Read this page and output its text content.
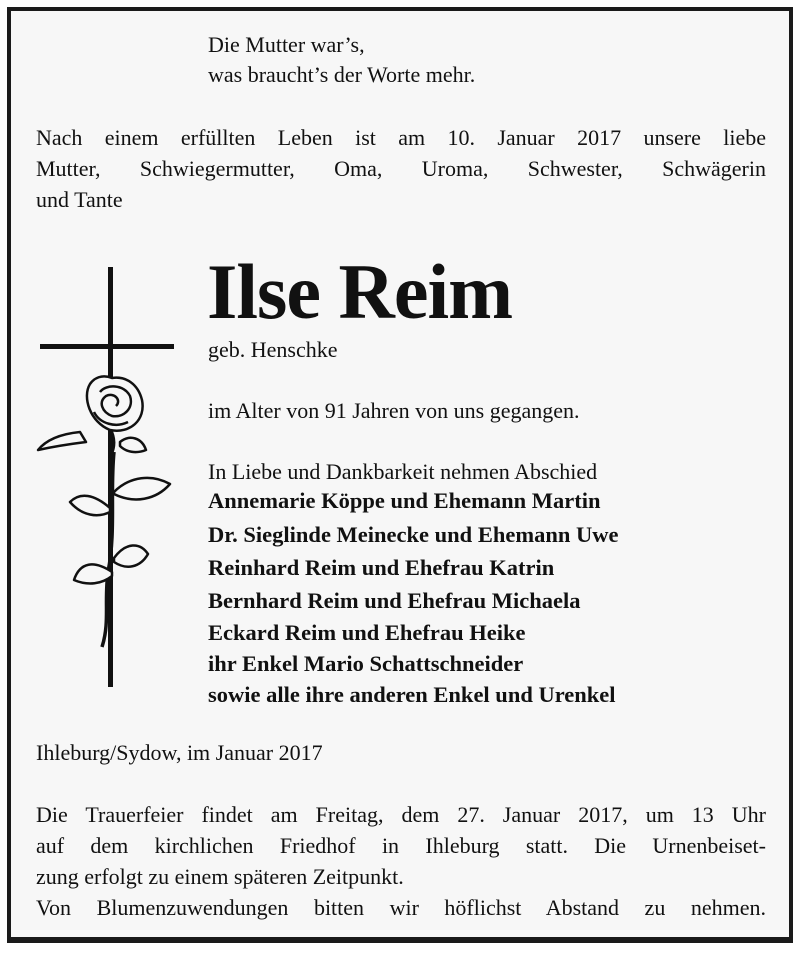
Die Mutter war’s,

was braucht’s der Worte mehr.

Nach einem erfüllten Leben ist am 10. Januar 2017 unsere liebe

Mutter, Schwiegermutter, Oma, Uroma, Schwester, Schwägerin

und Tante

Ilse Reim

geb. Henschke

im Alter von 91 Jahren von uns gegangen.

In Liebe und Dankbarkeit nehmen Abschied

Annemarie Köppe und Ehemann Martin

Dr. Sieglinde Meinecke und Ehemann Uwe

Reinhard Reim und Ehefrau Katrin

Bernhard Reim und Ehefrau Michaela

Eckard Reim und Ehefrau Heike

ihr Enkel Mario Schattschneider

sowie alle ihre anderen Enkel und Urenkel

Ihleburg/Sydow, im Januar 2017

Die Trauerfeier findet am Freitag, dem 27. Januar 2017, um 13 Uhr

auf dem kirchlichen Friedhof in Ihleburg statt. Die Urnenbeiset-

zung erfolgt zu einem späteren Zeitpunkt.

Von Blumenzuwendungen bitten wir höflichst Abstand zu nehmen.
